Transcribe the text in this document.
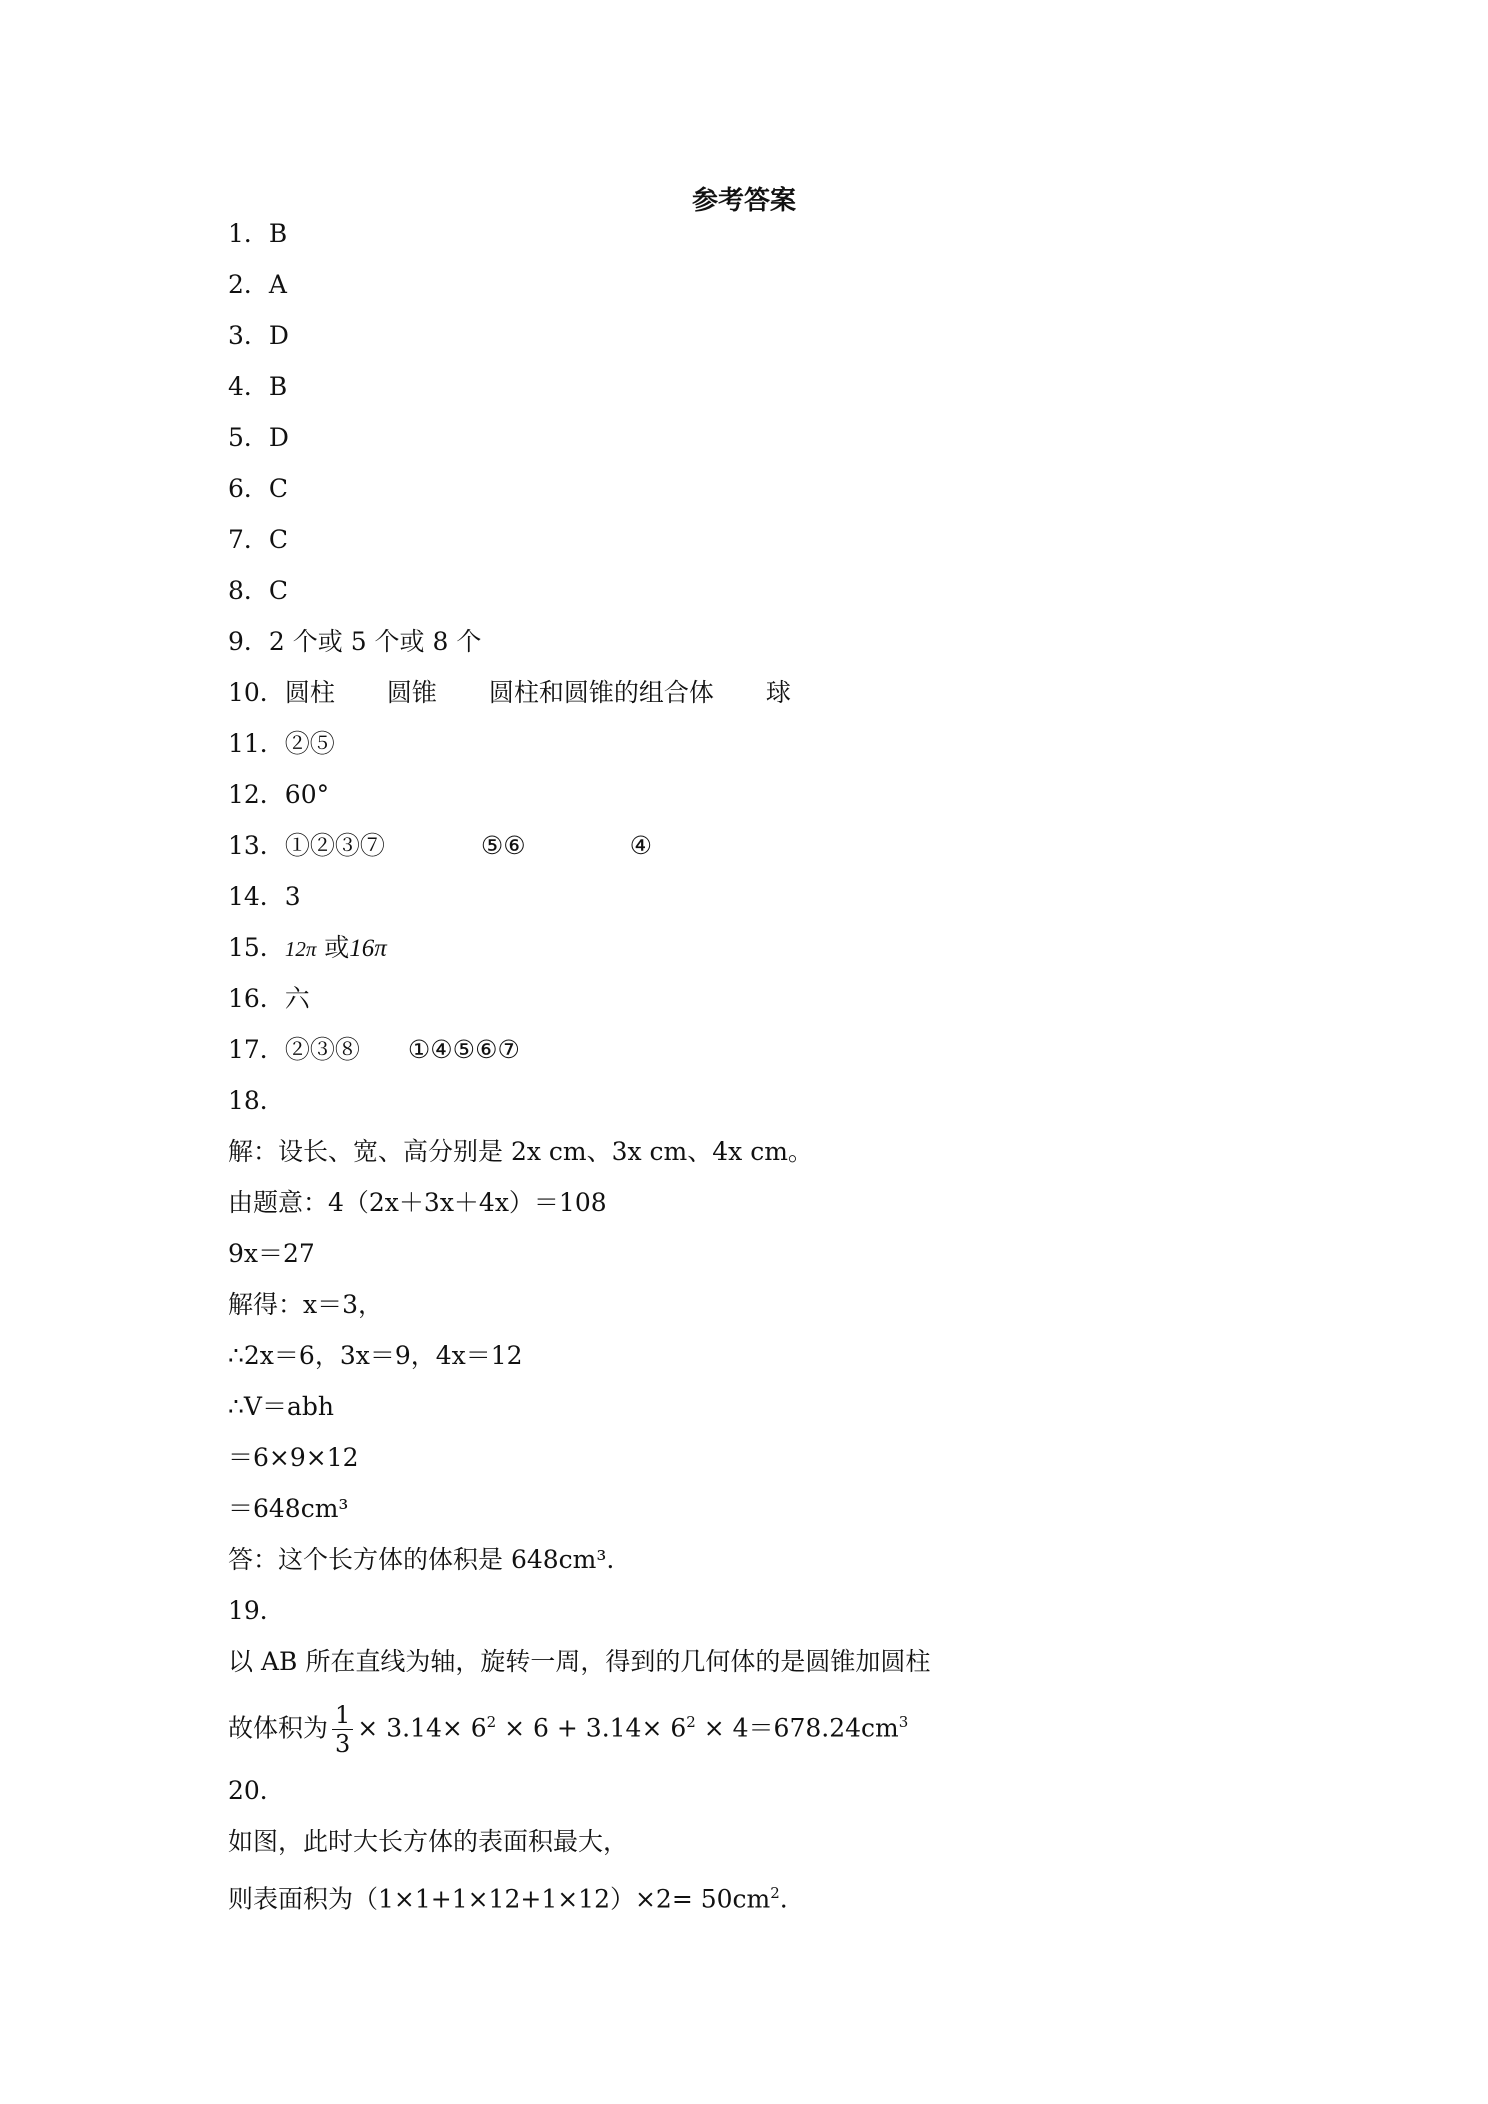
参考答案
1．B
2．A
3．D
4．B
5．D
6．C
7．C
8．C
9．2 个或 5 个或 8 个
10．圆柱 圆锥 圆柱和圆锥的组合体 球
11．②⑤
12．60°
13．①②③⑦	⑤⑥	④
14．3
15．12π 或16π
16．六
17．②③⑧ ①④⑤⑥⑦
18．
解：设长、宽、高分别是 2x cm、3x cm、4x cm。
由题意：4（2x＋3x＋4x）＝108
9x＝27
解得：x＝3，
∴2x＝6，3x＝9，4x＝12
∴V＝abh
＝6×9×12
＝648cm³
答：这个长方体的体积是 648cm³.
19．
以 AB 所在直线为轴，旋转一周，得到的几何体的是圆锥加圆柱
故体积为 $\frac{1}{3} \times 3.14\times 6^2 \times 6 + 3.14\times 6^2 \times 4=678.24cm^3$
20．
如图，此时大长方体的表面积最大，
则表面积为$(1\times 1+1\times 12+1\times 12)\times 2= 50cm^2$.
